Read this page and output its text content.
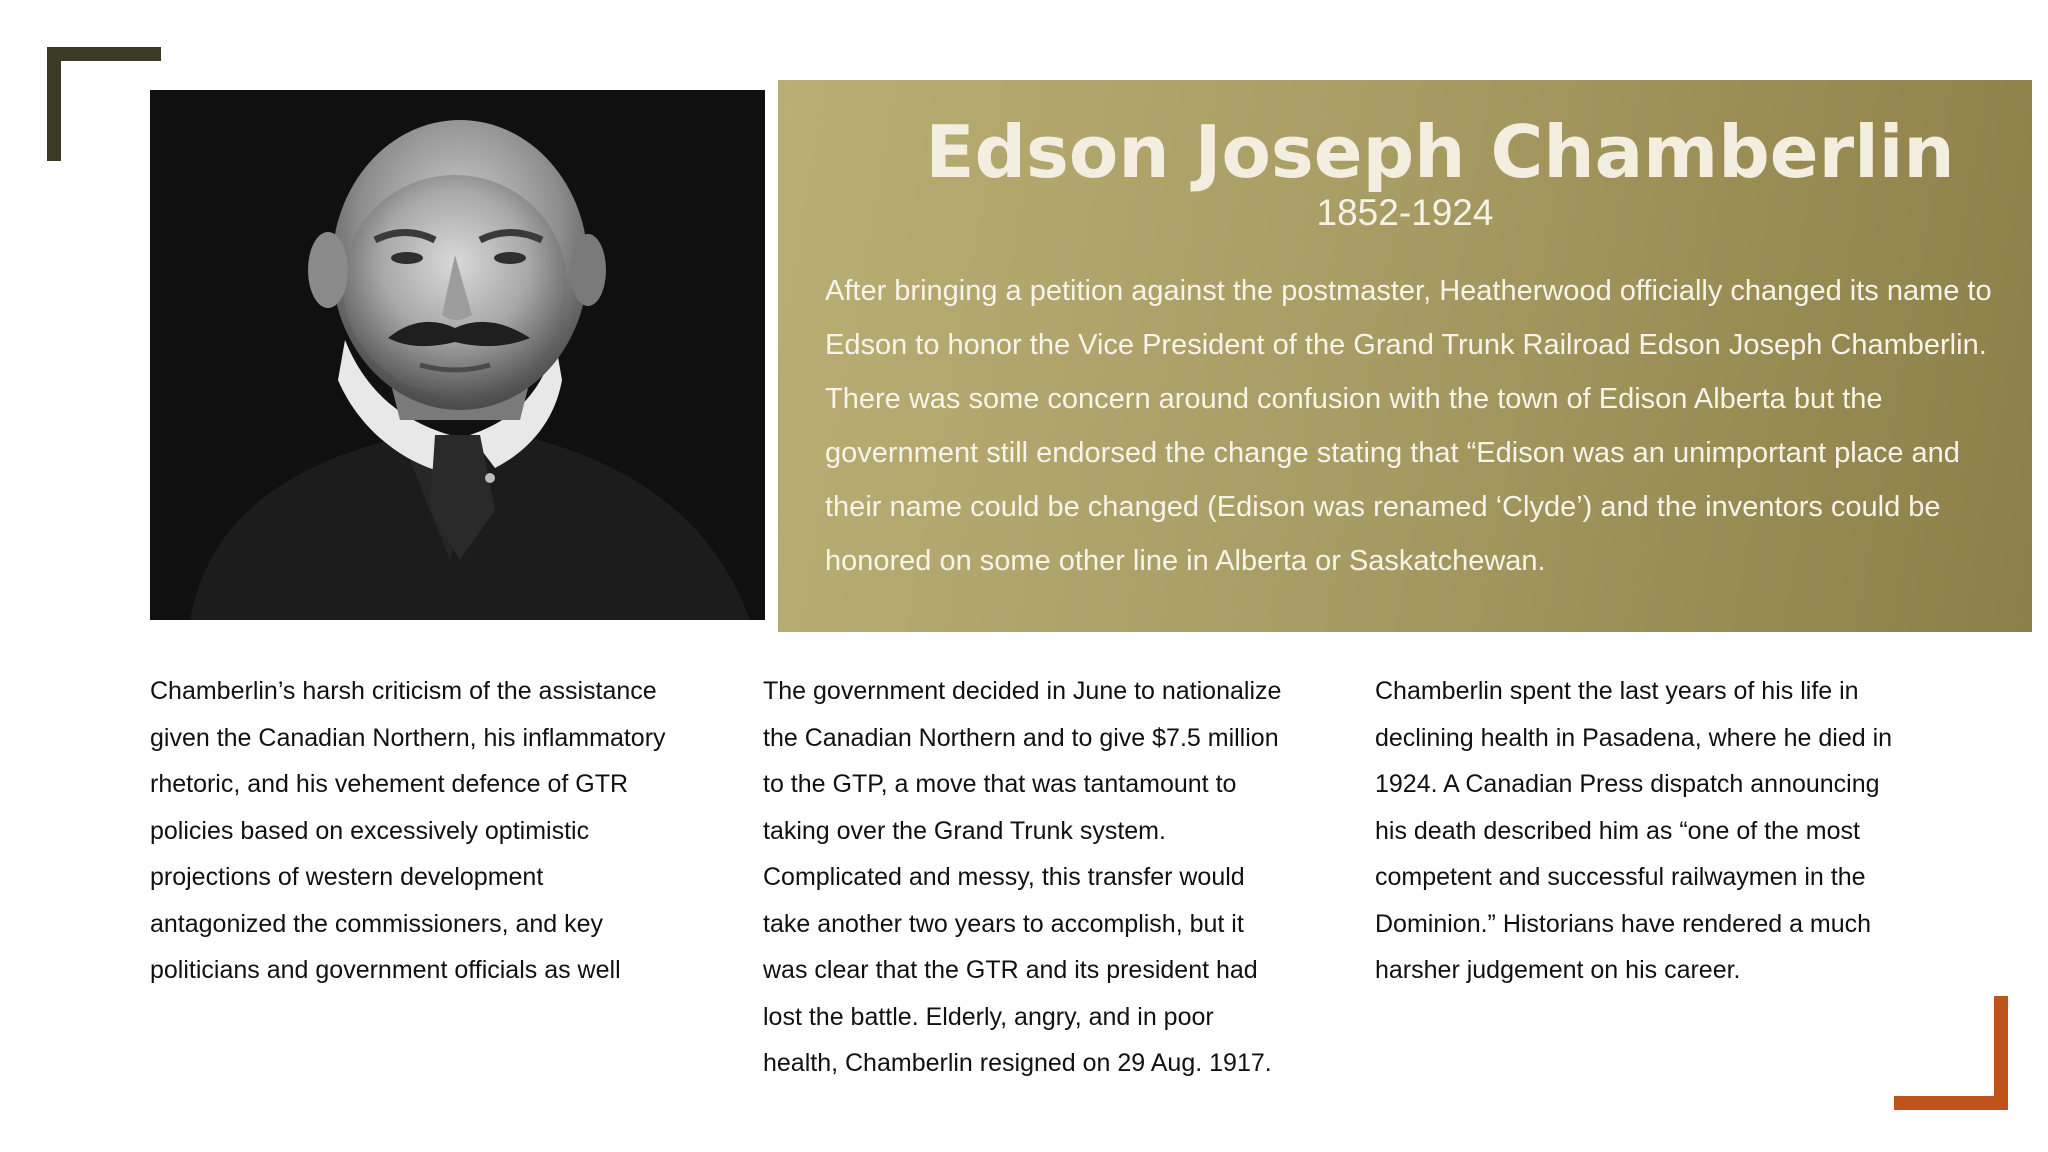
Edson Joseph Chamberlin
1852-1924

After bringing a petition against the postmaster, Heatherwood officially changed its name to Edson to honor the Vice President of the Grand Trunk Railroad Edson Joseph Chamberlin. There was some concern around confusion with the town of Edison Alberta but the government still endorsed the change stating that “Edison was an unimportant place and their name could be changed (Edison was renamed ‘Clyde’) and the inventors could be honored on some other line in Alberta or Saskatchewan.

Chamberlin’s harsh criticism of the assistance given the Canadian Northern, his inflammatory rhetoric, and his vehement defence of GTR policies based on excessively optimistic projections of western development antagonized the commissioners, and key politicians and government officials as well

The government decided in June to nationalize the Canadian Northern and to give $7.5 million to the GTP, a move that was tantamount to taking over the Grand Trunk system. Complicated and messy, this transfer would take another two years to accomplish, but it was clear that the GTR and its president had lost the battle. Elderly, angry, and in poor health, Chamberlin resigned on 29 Aug. 1917.

Chamberlin spent the last years of his life in declining health in Pasadena, where he died in 1924. A Canadian Press dispatch announcing his death described him as “one of the most competent and successful railwaymen in the Dominion.” Historians have rendered a much harsher judgement on his career.
